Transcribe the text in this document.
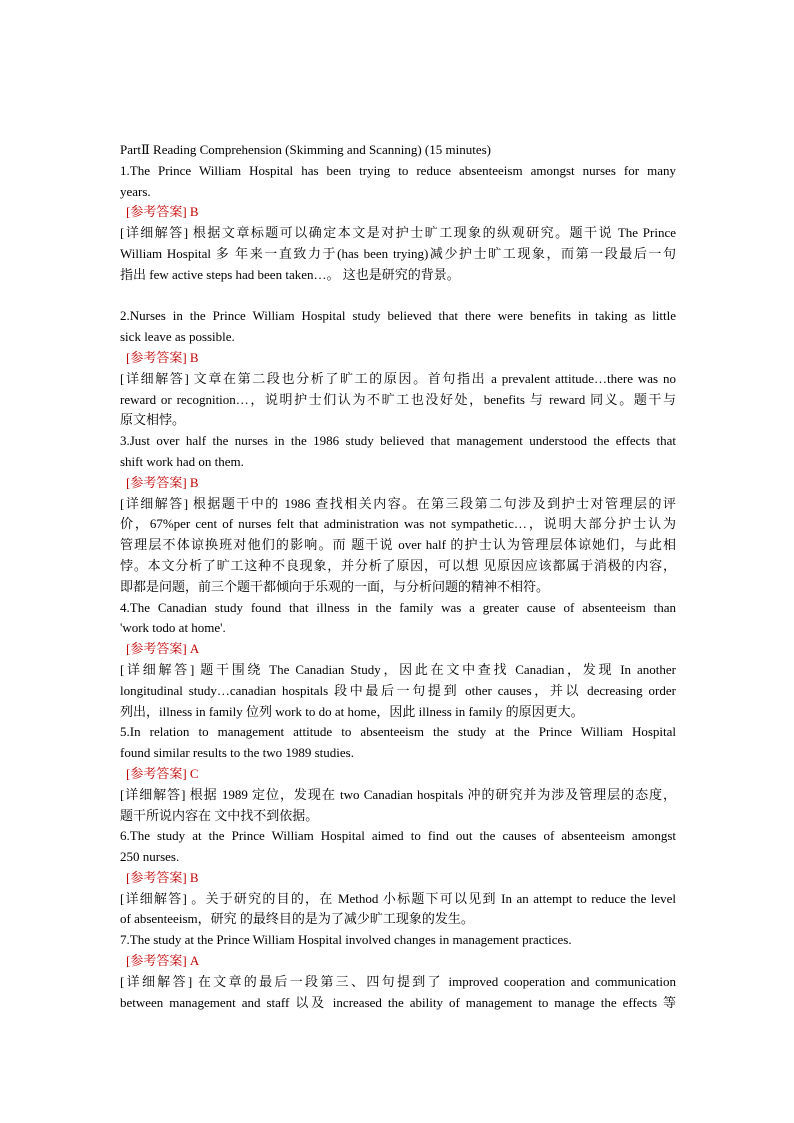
PartⅡ Reading Comprehension (Skimming and Scanning) (15 minutes)
1.The Prince William Hospital has been trying to reduce absenteeism amongst nurses for many
years.
[参考答案] B
[详细解答] 根据文章标题可以确定本文是对护士旷工现象的纵观研究。题干说 The Prince
William Hospital 多 年来一直致力于(has been trying)减少护士旷工现象，而第一段最后一句
指出 few active steps had been taken…。 这也是研究的背景。
2.Nurses in the Prince William Hospital study believed that there were benefits in taking as little
sick leave as possible.
[参考答案] B
[详细解答] 文章在第二段也分析了旷工的原因。首句指出 a prevalent attitude…there was no
reward or recognition…，说明护士们认为不旷工也没好处，benefits 与 reward 同义。题干与
原文相悖。
3.Just over half the nurses in the 1986 study believed that management understood the effects that
shift work had on them.
[参考答案] B
[详细解答] 根据题干中的 1986 查找相关内容。在第三段第二句涉及到护士对管理层的评
价，67%per cent of nurses felt that administration was not sympathetic…，说明大部分护士认为
管理层不体谅换班对他们的影响。而 题干说 over half 的护士认为管理层体谅她们，与此相
悖。本文分析了旷工这种不良现象，并分析了原因，可以想 见原因应该都属于消极的内容，
即都是问题，前三个题干都倾向于乐观的一面，与分析问题的精神不相符。
4.The Canadian study found that illness in the family was a greater cause of absenteeism than
'work todo at home'.
[参考答案] A
[详细解答] 题干围绕 The Canadian Study，因此在文中查找 Canadian，发现 In another
longitudinal study…canadian hospitals 段中最后一句提到 other causes，并以 decreasing order
列出，illness in family 位列 work to do at home，因此 illness in family 的原因更大。
5.In relation to management attitude to absenteeism the study at the Prince William Hospital
found similar results to the two 1989 studies.
[参考答案] C
[详细解答] 根据 1989 定位，发现在 two Canadian hospitals 冲的研究并为涉及管理层的态度，
题干所说内容在 文中找不到依据。
6.The study at the Prince William Hospital aimed to find out the causes of absenteeism amongst
250 nurses.
[参考答案] B
[详细解答] 。关于研究的目的，在 Method 小标题下可以见到 In an attempt to reduce the level
of absenteeism，研究 的最终目的是为了减少旷工现象的发生。
7.The study at the Prince William Hospital involved changes in management practices.
[参考答案] A
[详细解答] 在文章的最后一段第三、四句提到了 improved cooperation and communication
between management and staff 以及 increased the ability of management to manage the effects 等
